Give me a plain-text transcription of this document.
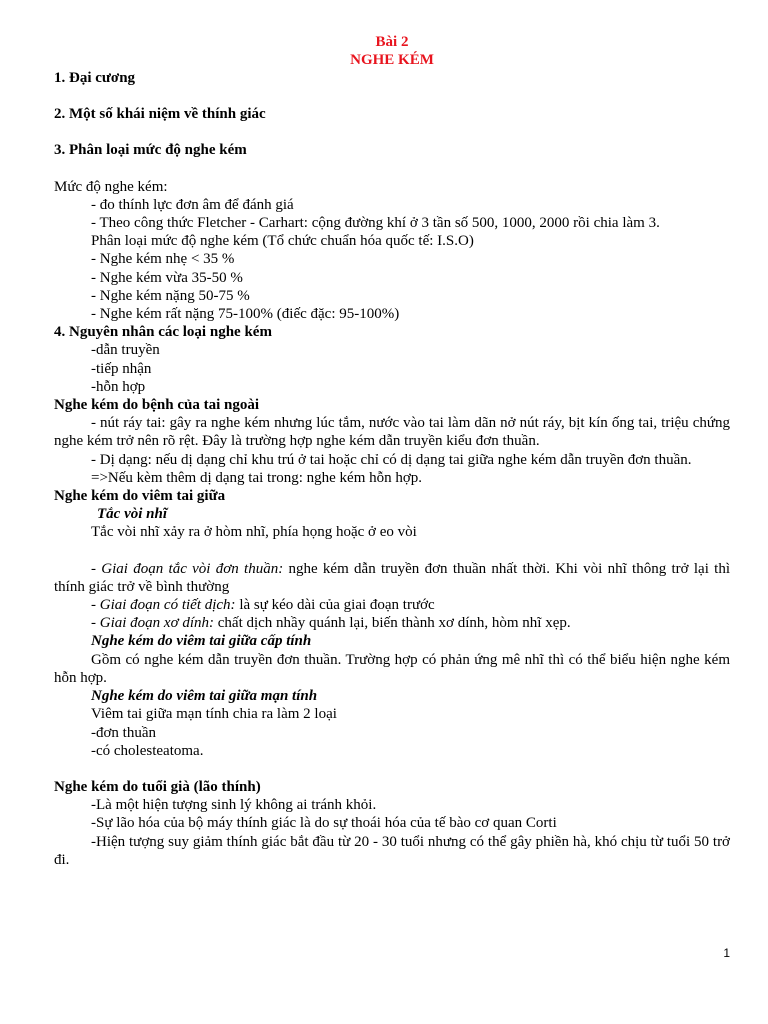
Bài 2
NGHE KÉM
1. Đại cương
2. Một số khái niệm về thính giác
3. Phân loại mức độ nghe kém
Mức độ nghe kém:
- đo thính lực đơn âm để đánh giá
- Theo công thức Fletcher - Carhart: cộng đường khí ở 3 tần số 500, 1000, 2000 rồi chia làm 3.
Phân loại mức độ nghe kém (Tổ chức chuẩn hóa quốc tế: I.S.O)
- Nghe kém nhẹ < 35 %
- Nghe kém vừa 35-50 %
- Nghe kém nặng 50-75 %
- Nghe kém rất nặng 75-100% (điếc đặc: 95-100%)
4. Nguyên nhân các loại nghe kém
-dẫn truyền
-tiếp nhận
-hỗn hợp
Nghe kém do bệnh của tai ngoài
- nút ráy tai: gây ra nghe kém nhưng lúc tắm, nước vào tai làm dãn nở nút ráy, bịt kín ống tai, triệu chứng nghe kém trở nên rõ rệt. Đây là trường hợp nghe kém dẫn truyền kiểu đơn thuần.
- Dị dạng: nếu dị dạng chỉ khu trú ở tai hoặc chỉ có dị dạng tai giữa nghe kém dẫn truyền đơn thuần.
=>Nếu kèm thêm dị dạng tai trong: nghe kém hỗn hợp.
Nghe kém do viêm tai giữa
Tắc vòi nhĩ
Tắc vòi nhĩ xảy ra ở hòm nhĩ, phía họng hoặc ở eo vòi
- Giai đoạn tắc vòi đơn thuần: nghe kém dẫn truyền đơn thuần nhất thời. Khi vòi nhĩ thông trở lại thì thính giác trở về bình thường
- Giai đoạn có tiết dịch: là sự kéo dài của giai đoạn trước
- Giai đoạn xơ dính: chất dịch nhầy quánh lại, biến thành xơ dính, hòm nhĩ xẹp.
Nghe kém do viêm tai giữa cấp tính
Gồm có nghe kém dẫn truyền đơn thuần. Trường hợp có phản ứng mê nhĩ thì có thể biểu hiện nghe kém hỗn hợp.
Nghe kém do viêm tai giữa mạn tính
Viêm tai giữa mạn tính chia ra làm 2 loại
-đơn thuần
-có cholesteatoma.
Nghe kém do tuổi già (lão thính)
-Là một hiện tượng sinh lý không ai tránh khỏi.
-Sự lão hóa của bộ máy thính giác là do sự thoái hóa của tế bào cơ quan Corti
-Hiện tượng suy giảm thính giác bắt đầu từ 20 - 30 tuổi nhưng có thể gây phiền hà, khó chịu từ tuổi 50 trở đi.
1
